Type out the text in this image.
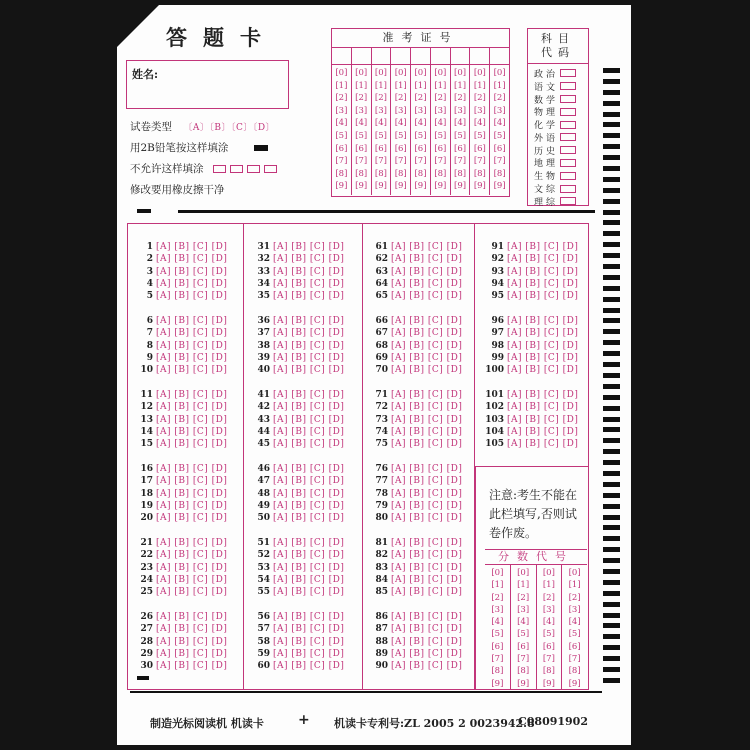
答题卡
姓名:
试卷类型 〔A〕〔B〕〔C〕〔D〕
用2B铅笔按这样填涂
不允许这样填涂
修改要用橡皮擦干净
准考证号
[0]
[1]
[2]
[3]
[4]
[5]
[6]
[7]
[8]
[9]
[0]
[1]
[2]
[3]
[4]
[5]
[6]
[7]
[8]
[9]
[0]
[1]
[2]
[3]
[4]
[5]
[6]
[7]
[8]
[9]
[0]
[1]
[2]
[3]
[4]
[5]
[6]
[7]
[8]
[9]
[0]
[1]
[2]
[3]
[4]
[5]
[6]
[7]
[8]
[9]
[0]
[1]
[2]
[3]
[4]
[5]
[6]
[7]
[8]
[9]
[0]
[1]
[2]
[3]
[4]
[5]
[6]
[7]
[8]
[9]
[0]
[1]
[2]
[3]
[4]
[5]
[6]
[7]
[8]
[9]
[0]
[1]
[2]
[3]
[4]
[5]
[6]
[7]
[8]
[9]
科目
代码
政治
语文
数学
物理
化学
外语
历史
地理
生物
文综
理综
1 [A] [B] [C] [D]
2 [A] [B] [C] [D]
3 [A] [B] [C] [D]
4 [A] [B] [C] [D]
5 [A] [B] [C] [D]
6 [A] [B] [C] [D]
7 [A] [B] [C] [D]
8 [A] [B] [C] [D]
9 [A] [B] [C] [D]
10 [A] [B] [C] [D]
11 [A] [B] [C] [D]
12 [A] [B] [C] [D]
13 [A] [B] [C] [D]
14 [A] [B] [C] [D]
15 [A] [B] [C] [D]
16 [A] [B] [C] [D]
17 [A] [B] [C] [D]
18 [A] [B] [C] [D]
19 [A] [B] [C] [D]
20 [A] [B] [C] [D]
21 [A] [B] [C] [D]
22 [A] [B] [C] [D]
23 [A] [B] [C] [D]
24 [A] [B] [C] [D]
25 [A] [B] [C] [D]
26 [A] [B] [C] [D]
27 [A] [B] [C] [D]
28 [A] [B] [C] [D]
29 [A] [B] [C] [D]
30 [A] [B] [C] [D]
31 [A] [B] [C] [D]
32 [A] [B] [C] [D]
33 [A] [B] [C] [D]
34 [A] [B] [C] [D]
35 [A] [B] [C] [D]
36 [A] [B] [C] [D]
37 [A] [B] [C] [D]
38 [A] [B] [C] [D]
39 [A] [B] [C] [D]
40 [A] [B] [C] [D]
41 [A] [B] [C] [D]
42 [A] [B] [C] [D]
43 [A] [B] [C] [D]
44 [A] [B] [C] [D]
45 [A] [B] [C] [D]
46 [A] [B] [C] [D]
47 [A] [B] [C] [D]
48 [A] [B] [C] [D]
49 [A] [B] [C] [D]
50 [A] [B] [C] [D]
51 [A] [B] [C] [D]
52 [A] [B] [C] [D]
53 [A] [B] [C] [D]
54 [A] [B] [C] [D]
55 [A] [B] [C] [D]
56 [A] [B] [C] [D]
57 [A] [B] [C] [D]
58 [A] [B] [C] [D]
59 [A] [B] [C] [D]
60 [A] [B] [C] [D]
61 [A] [B] [C] [D]
62 [A] [B] [C] [D]
63 [A] [B] [C] [D]
64 [A] [B] [C] [D]
65 [A] [B] [C] [D]
66 [A] [B] [C] [D]
67 [A] [B] [C] [D]
68 [A] [B] [C] [D]
69 [A] [B] [C] [D]
70 [A] [B] [C] [D]
71 [A] [B] [C] [D]
72 [A] [B] [C] [D]
73 [A] [B] [C] [D]
74 [A] [B] [C] [D]
75 [A] [B] [C] [D]
76 [A] [B] [C] [D]
77 [A] [B] [C] [D]
78 [A] [B] [C] [D]
79 [A] [B] [C] [D]
80 [A] [B] [C] [D]
81 [A] [B] [C] [D]
82 [A] [B] [C] [D]
83 [A] [B] [C] [D]
84 [A] [B] [C] [D]
85 [A] [B] [C] [D]
86 [A] [B] [C] [D]
87 [A] [B] [C] [D]
88 [A] [B] [C] [D]
89 [A] [B] [C] [D]
90 [A] [B] [C] [D]
91 [A] [B] [C] [D]
92 [A] [B] [C] [D]
93 [A] [B] [C] [D]
94 [A] [B] [C] [D]
95 [A] [B] [C] [D]
96 [A] [B] [C] [D]
97 [A] [B] [C] [D]
98 [A] [B] [C] [D]
99 [A] [B] [C] [D]
100 [A] [B] [C] [D]
101 [A] [B] [C] [D]
102 [A] [B] [C] [D]
103 [A] [B] [C] [D]
104 [A] [B] [C] [D]
105 [A] [B] [C] [D]
注意:考生不能在此栏填写,否则试卷作废。
分数代号
[0]
[1]
[2]
[3]
[4]
[5]
[6]
[7]
[8]
[9]
[0]
[1]
[2]
[3]
[4]
[5]
[6]
[7]
[8]
[9]
[0]
[1]
[2]
[3]
[4]
[5]
[6]
[7]
[8]
[9]
[0]
[1]
[2]
[3]
[4]
[5]
[6]
[7]
[8]
[9]
制造光标阅读机 机读卡 + 机读卡专利号:ZL 2005 2 0023942.8
C08091902
